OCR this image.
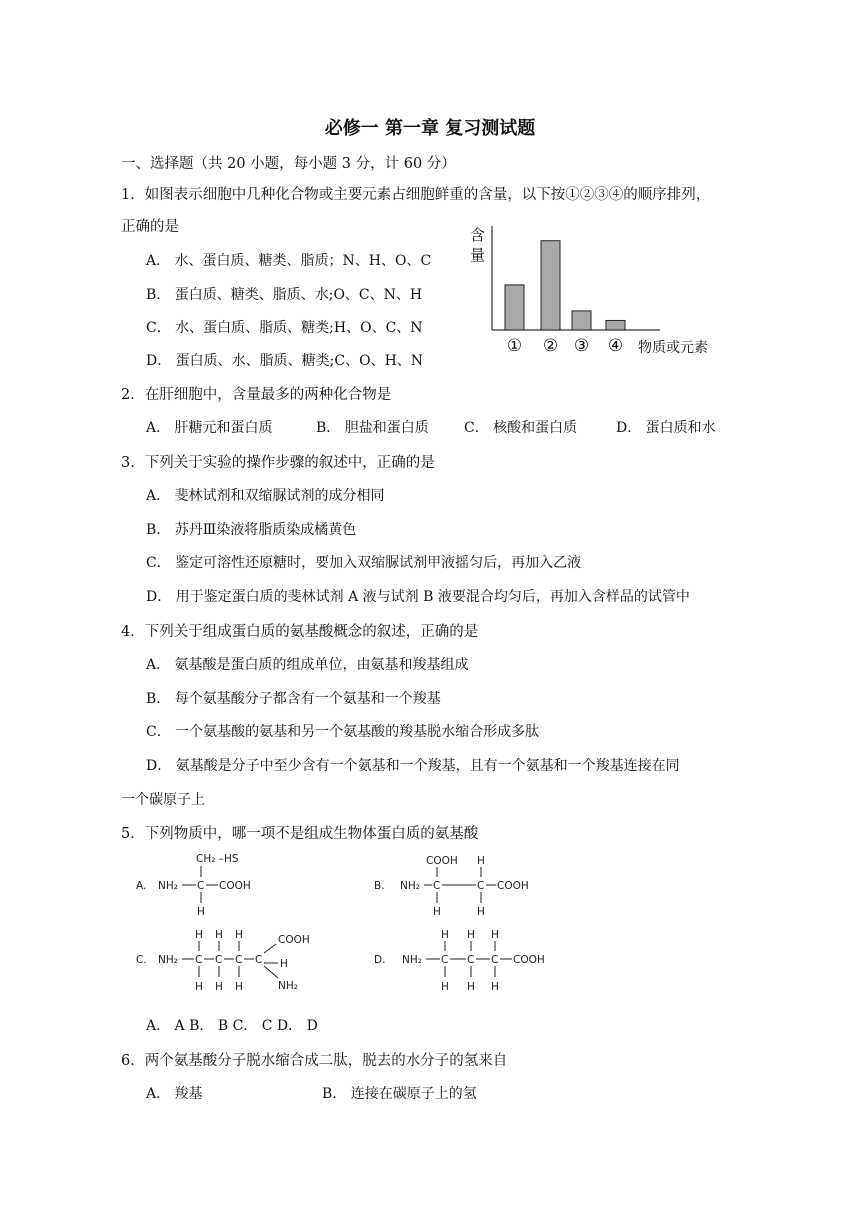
必修一 第一章 复习测试题
一、选择题（共 20 小题，每小题 3 分，计 60 分）
1．如图表示细胞中几种化合物或主要元素占细胞鲜重的含量，以下按①②③④的顺序排列，
正确的是
A． 水、蛋白质、糖类、脂质；N、H、O、C
B． 蛋白质、糖类、脂质、水;O、C、N、H
C． 水、蛋白质、脂质、糖类;H、O、C、N
D． 蛋白质、水、脂质、糖类;C、O、H、N
含
量
① ② ③ ④ 物质或元素
2．在肝细胞中，含量最多的两种化合物是
A． 肝糖元和蛋白质	B． 胆盐和蛋白质	C． 核酸和蛋白质	D． 蛋白质和水
3．下列关于实验的操作步骤的叙述中，正确的是
A． 斐林试剂和双缩脲试剂的成分相同
B． 苏丹Ⅲ染液将脂质染成橘黄色
C． 鉴定可溶性还原糖时，要加入双缩脲试剂甲液摇匀后，再加入乙液
D． 用于鉴定蛋白质的斐林试剂 A 液与试剂 B 液要混合均匀后，再加入含样品的试管中
4．下列关于组成蛋白质的氨基酸概念的叙述，正确的是
A． 氨基酸是蛋白质的组成单位，由氨基和羧基组成
B． 每个氨基酸分子都含有一个氨基和一个羧基
C． 一个氨基酸的氨基和另一个氨基酸的羧基脱水缩合形成多肽
D． 氨基酸是分子中至少含有一个氨基和一个羧基，且有一个氨基和一个羧基连接在同
一个碳原子上
5．下列物质中，哪一项不是组成生物体蛋白质的氨基酸
A. NH₂ C COOH
CH₂ –HS
H
B. NH₂ C	C COOH
COOH H
H	H
C. NH₂ C C C C
H H H
H H H
COOH
H
NH₂
D. NH₂ C C C COOH
H H H
H H H
A． A B． B C． C D． D
6．两个氨基酸分子脱水缩合成二肽，脱去的水分子的氢来自
A． 羧基	B． 连接在碳原子上的氢
